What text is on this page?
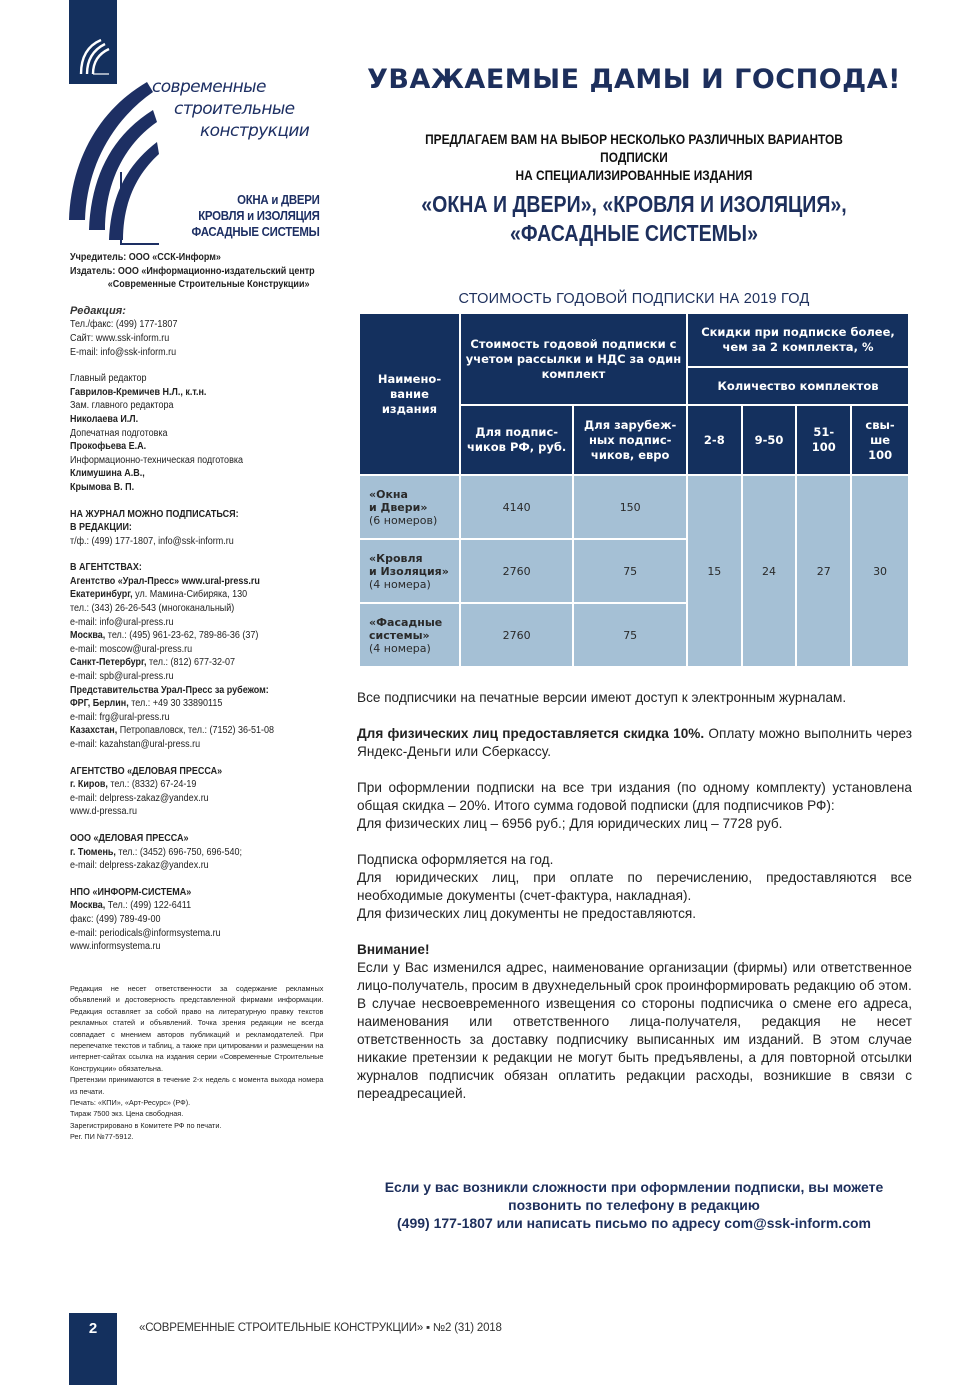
современные
строительные
конструкции
ОКНА и ДВЕРИ
КРОВЛЯ и ИЗОЛЯЦИЯ
ФАСАДНЫЕ СИСТЕМЫ
Учредитель: ООО «ССК-Информ»
Издатель: ООО «Информационно-издательский центр
«Современные Строительные Конструкции»
Редакция:
Тел./факс: (499) 177-1807
Сайт: www.ssk-inform.ru
E-mail: info@ssk-inform.ru
Главный редактор
Гаврилов-Кремичев Н.Л., к.т.н.
Зам. главного редактора
Николаева И.Л.
Допечатная подготовка
Прокофьева Е.А.
Информационно-техническая подготовка
Климушина А.В.,
Крымова В. П.
НА ЖУРНАЛ МОЖНО ПОДПИСАТЬСЯ:
В РЕДАКЦИИ:
т/ф.: (499) 177-1807, info@ssk-inform.ru
В АГЕНТСТВАХ:
Агентство «Урал-Пресс» www.ural-press.ru
Екатеринбург, ул. Мамина-Сибиряка, 130
тел.: (343) 26-26-543 (многоканальный)
e-mail: info@ural-press.ru
Москва, тел.: (495) 961-23-62, 789-86-36 (37)
e-mail: moscow@ural-press.ru
Санкт-Петербург, тел.: (812) 677-32-07
e-mail: spb@ural-press.ru
Представительства Урал-Пресс за рубежом:
ФРГ, Берлин, тел.: +49 30 33890115
e-mail: frg@ural-press.ru
Казахстан, Петропавловск, тел.: (7152) 36-51-08
e-mail: kazahstan@ural-press.ru
АГЕНТСТВО «ДЕЛОВАЯ ПРЕССА»
г. Киров, тел.: (8332) 67-24-19
e-mail: delpress-zakaz@yandex.ru
www.d-pressa.ru
ООО «ДЕЛОВАЯ ПРЕССА»
г. Тюмень, тел.: (3452) 696-750, 696-540;
e-mail: delpress-zakaz@yandex.ru
НПО «ИНФОРМ-СИСТЕМА»
Москва, Тел.: (499) 122-6411
факс: (499) 789-49-00
e-mail: periodicals@informsystema.ru
www.informsystema.ru
Редакция не несет ответственности за содержание рекламных объявлений и достоверность представленной фирмами информации. Редакция оставляет за собой право на литературную правку текстов рекламных статей и объявлений. Точка зрения редакции не всегда совпадает с мнением авторов публикаций и рекламодателей. При перепечатке текстов и таблиц, а также при цитировании и размещении на интернет-сайтах ссылка на издания серии «Современные Строительные Конструкции» обязательна.
Претензии принимаются в течение 2-х недель с момента выхода номера из печати.
Печать: «КПИ», «Арт-Ресурс» (РФ).
Тираж 7500 экз. Цена свободная.
Зарегистрировано в Комитете РФ по печати.
Рег. ПИ №77-5912.
УВАЖАЕМЫЕ ДАМЫ И ГОСПОДА!
ПРЕДЛАГАЕМ ВАМ НА ВЫБОР НЕСКОЛЬКО РАЗЛИЧНЫХ ВАРИАНТОВ ПОДПИСКИ
НА СПЕЦИАЛИЗИРОВАННЫЕ ИЗДАНИЯ
«ОКНА И ДВЕРИ», «КРОВЛЯ И ИЗОЛЯЦИЯ»,
«ФАСАДНЫЕ СИСТЕМЫ»
СТОИМОСТЬ ГОДОВОЙ ПОДПИСКИ НА 2019 ГОД
Наимено- вание издания	Стоимость годовой подписки с учетом рассылки и НДС за один комплект		Скидки при подписке более, чем за 2 комплекта, %			
			Количество комплектов			
	Для подпис- чиков РФ, руб.	Для зарубеж- ных подпис- чиков, евро	2-8	9-50	51- 100	свы- ше 100
«Окна
и Двери»
(6 номеров)	4140	150	15	24	27	30
«Кровля
и Изоляция»
(4 номера)	2760	75				
«Фасадные
системы»
(4 номера)	2760	75				

Все подписчики на печатные версии имеют доступ к электронным журналам.

Для физических лиц предоставляется скидка 10%. Оплату можно выполнить через Яндекс-Деньги или Сберкассу.

При оформлении подписки на все три издания (по одному комплекту) установлена общая скидка – 20%. Итого сумма годовой подписки (для подписчиков РФ):

Для физических лиц – 6956 руб.; Для юридических лиц – 7728 руб.

Подписка оформляется на год.

Для юридических лиц, при оплате по перечислению, предоставляются все необходимые документы (счет-фактура, накладная).

Для физических лиц документы не предоставляются.

Внимание!

Если у Вас изменился адрес, наименование организации (фирмы) или ответственное лицо-получатель, просим в двухнедельный срок проинформировать редакцию об этом.

В случае несвоевременного извещения со стороны подписчика о смене его адреса, наименования или ответственного лица-получателя, редакция не несет ответственность за доставку подписчику выписанных им изданий. В этом случае никакие претензии к редакции не могут быть предъявлены, а для повторной отсылки журналов подписчик обязан оплатить редакции расходы, возникшие в связи с переадресацией.

Если у вас возникли сложности при оформлении подписки, вы можете
позвонить по телефону в редакцию
(499) 177-1807 или написать письмо по адресу com@ssk-inform.com
2	«СОВРЕМЕННЫЕ СТРОИТЕЛЬНЫЕ КОНСТРУКЦИИ» ▪ №2 (31) 2018
